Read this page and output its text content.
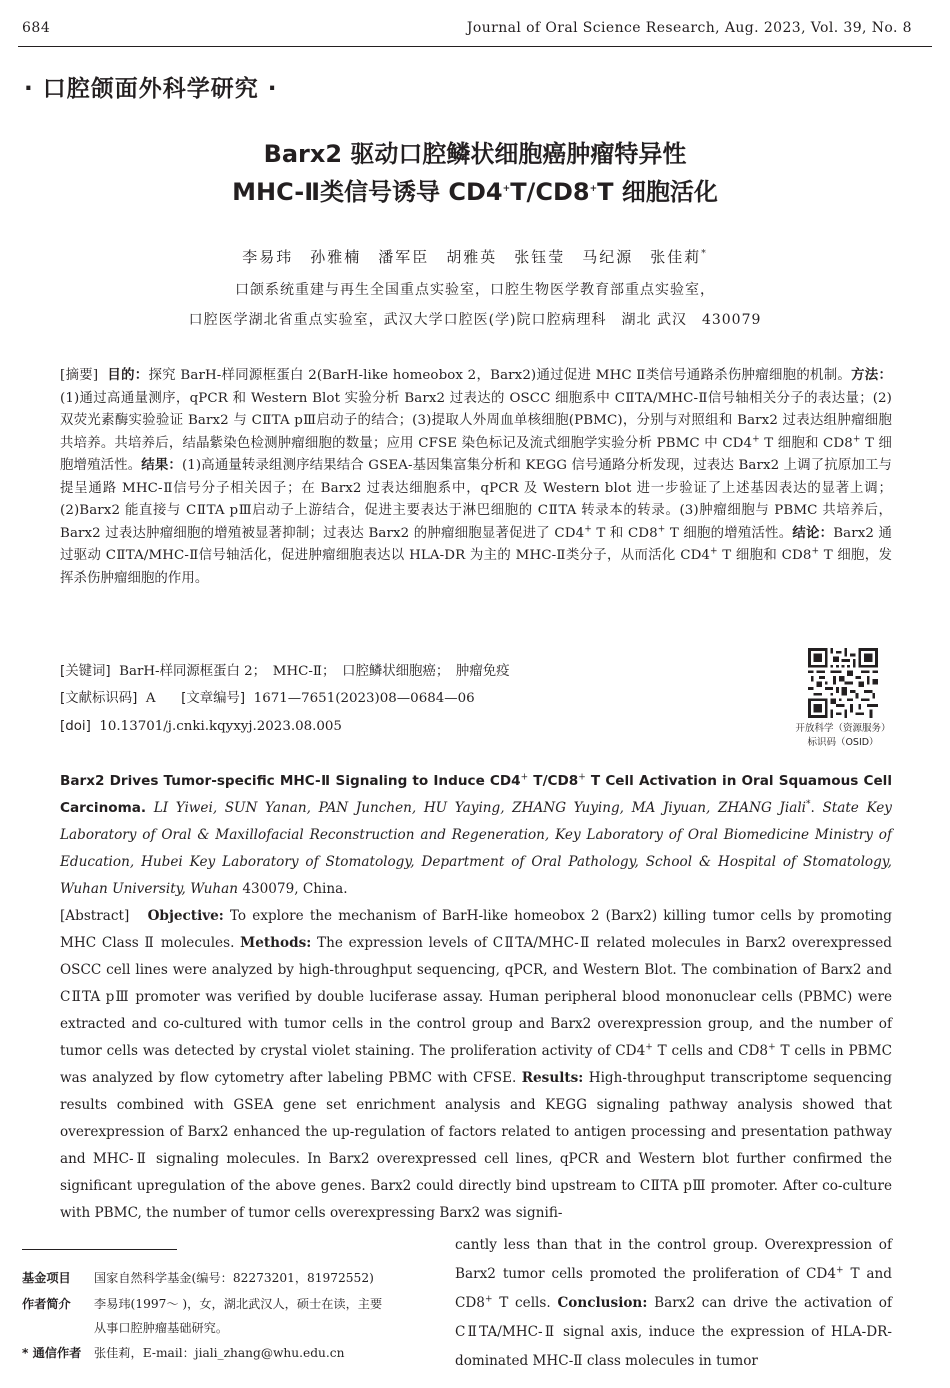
684	Journal of Oral Science Research, Aug. 2023, Vol. 39, No. 8
· 口腔颌面外科学研究 ·
Barx2 驱动口腔鳞状细胞癌肿瘤特异性
MHC-Ⅱ类信号诱导 CD4+T/CD8+T 细胞活化
李易玮　孙雅楠　潘军臣　胡雅英　张钰莹　马纪源　张佳莉*
口颌系统重建与再生全国重点实验室，口腔生物医学教育部重点实验室，
口腔医学湖北省重点实验室，武汉大学口腔医(学)院口腔病理科　湖北 武汉　430079
[摘要] 目的：探究 BarH-样同源框蛋白 2(BarH-like homeobox 2，Barx2)通过促进 MHC Ⅱ类信号通路杀伤肿瘤细胞的机制。方法：(1)通过高通量测序，qPCR 和 Western Blot 实验分析 Barx2 过表达的 OSCC 细胞系中 CⅡTA/MHC-Ⅱ信号轴相关分子的表达量；(2)双荧光素酶实验验证 Barx2 与 CⅡTA pⅢ启动子的结合；(3)提取人外周血单核细胞(PBMC)，分别与对照组和 Barx2 过表达组肿瘤细胞共培养。共培养后，结晶紫染色检测肿瘤细胞的数量；应用 CFSE 染色标记及流式细胞学实验分析 PBMC 中 CD4+ T 细胞和 CD8+ T 细胞增殖活性。结果：(1)高通量转录组测序结果结合 GSEA-基因集富集分析和 KEGG 信号通路分析发现，过表达 Barx2 上调了抗原加工与提呈通路 MHC-Ⅱ信号分子相关因子；在 Barx2 过表达细胞系中，qPCR 及 Western blot 进一步验证了上述基因表达的显著上调；(2)Barx2 能直接与 CⅡTA pⅢ启动子上游结合，促进主要表达于淋巴细胞的 CⅡTA 转录本的转录。(3)肿瘤细胞与 PBMC 共培养后，Barx2 过表达肿瘤细胞的增殖被显著抑制；过表达 Barx2 的肿瘤细胞显著促进了 CD4+ T 和 CD8+ T 细胞的增殖活性。结论：Barx2 通过驱动 CⅡTA/MHC-Ⅱ信号轴活化，促进肿瘤细胞表达以 HLA-DR 为主的 MHC-Ⅱ类分子，从而活化 CD4+ T 细胞和 CD8+ T 细胞，发挥杀伤肿瘤细胞的作用。
[关键词] BarH-样同源框蛋白 2；　MHC-Ⅱ；　口腔鳞状细胞癌；　肿瘤免疫
[文献标识码] A [文章编号] 1671—7651(2023)08—0684—06
[doi] 10.13701/j.cnki.kqyxyj.2023.08.005	开放科学（资源服务）
标识码（OSID）
Barx2 Drives Tumor-specific MHC-Ⅱ Signaling to Induce CD4+ T/CD8+ T Cell Activation in Oral Squamous Cell Carcinoma. LI Yiwei, SUN Yanan, PAN Junchen, HU Yaying, ZHANG Yuying, MA Jiyuan, ZHANG Jiali*. State Key Laboratory of Oral & Maxillofacial Reconstruction and Regeneration, Key Laboratory of Oral Biomedicine Ministry of Education, Hubei Key Laboratory of Stomatology, Department of Oral Pathology, School & Hospital of Stomatology, Wuhan University, Wuhan 430079, China.
[Abstract] Objective: To explore the mechanism of BarH-like homeobox 2 (Barx2) killing tumor cells by promoting MHC Class Ⅱ molecules. Methods: The expression levels of CⅡTA/MHC-Ⅱ related molecules in Barx2 overexpressed OSCC cell lines were analyzed by high-throughput sequencing, qPCR, and Western Blot. The combination of Barx2 and CⅡTA pⅢ promoter was verified by double luciferase assay. Human peripheral blood mononuclear cells (PBMC) were extracted and co-cultured with tumor cells in the control group and Barx2 overexpression group, and the number of tumor cells was detected by crystal violet staining. The proliferation activity of CD4+ T cells and CD8+ T cells in PBMC was analyzed by flow cytometry after labeling PBMC with CFSE. Results: High-throughput transcriptome sequencing results combined with GSEA gene set enrichment analysis and KEGG signaling pathway analysis showed that overexpression of Barx2 enhanced the up-regulation of factors related to antigen processing and presentation pathway and MHC-Ⅱ signaling molecules. In Barx2 overexpressed cell lines, qPCR and Western blot further confirmed the significant upregulation of the above genes. Barx2 could directly bind upstream to CⅡTA pⅢ promoter. After co-culture with PBMC, the number of tumor cells overexpressing Barx2 was signifi-
cantly less than that in the control group. Overexpression of Barx2 tumor cells promoted the proliferation of CD4+ T and CD8+ T cells. Conclusion: Barx2 can drive the activation of CⅡTA/MHC-Ⅱ signal axis, induce the expression of HLA-DR-dominated MHC-Ⅱ class molecules in tumor
基金项目 国家自然科学基金(编号：82273201，81972552)
作者简介 李易玮(1997～ )，女，湖北武汉人，硕士在读，主要
从事口腔肿瘤基础研究。
* 通信作者 张佳莉，E-mail：jiali_zhang@whu.edu.cn
